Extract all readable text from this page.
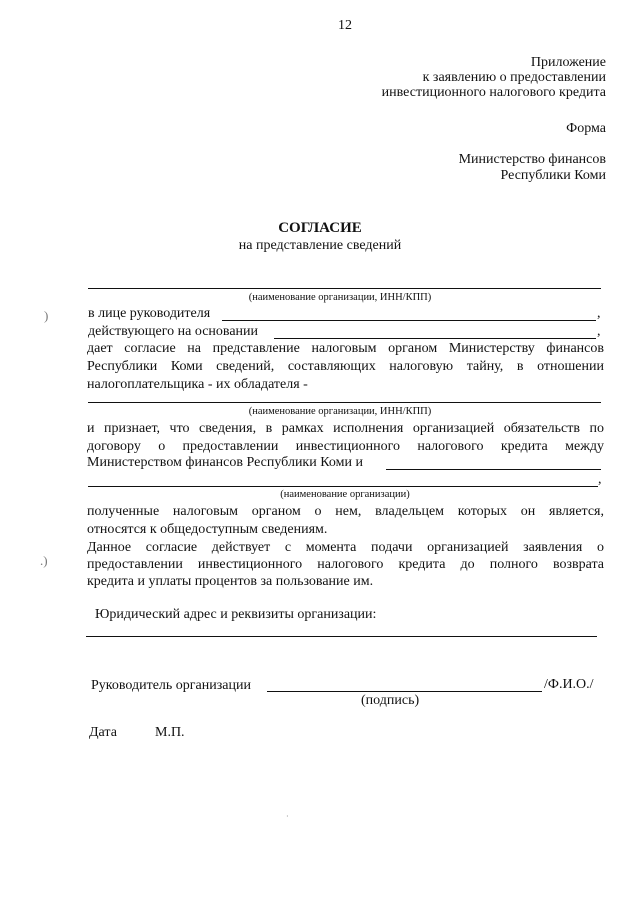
12
Приложение
к заявлению о предоставлении
инвестиционного налогового кредита
Форма
Министерство финансов
Республики Коми
СОГЛАСИЕ
на представление сведений
(наименование организации, ИНН/КПП)
)	в лице руководителя	,
действующего на основании	,
дает согласие на представление налоговым органом Министерству финансов
Республики Коми сведений, составляющих налоговую тайну, в отношении
налогоплательщика - их обладателя -
(наименование организации, ИНН/КПП)
и признает, что сведения, в рамках исполнения организацией обязательств по
договору о предоставлении инвестиционного налогового кредита между
Министерством финансов Республики Коми и
,
(наименование организации)
полученные налоговым органом о нем, владельцем которых он является,
относятся к общедоступным сведениям.
.)
Данное согласие действует с момента подачи организацией заявления о
предоставлении инвестиционного налогового кредита до полного возврата
кредита и уплаты процентов за пользование им.
Юридический адрес и реквизиты организации:
Руководитель организации	/Ф.И.О./
(подпись)
Дата	М.П.
·
